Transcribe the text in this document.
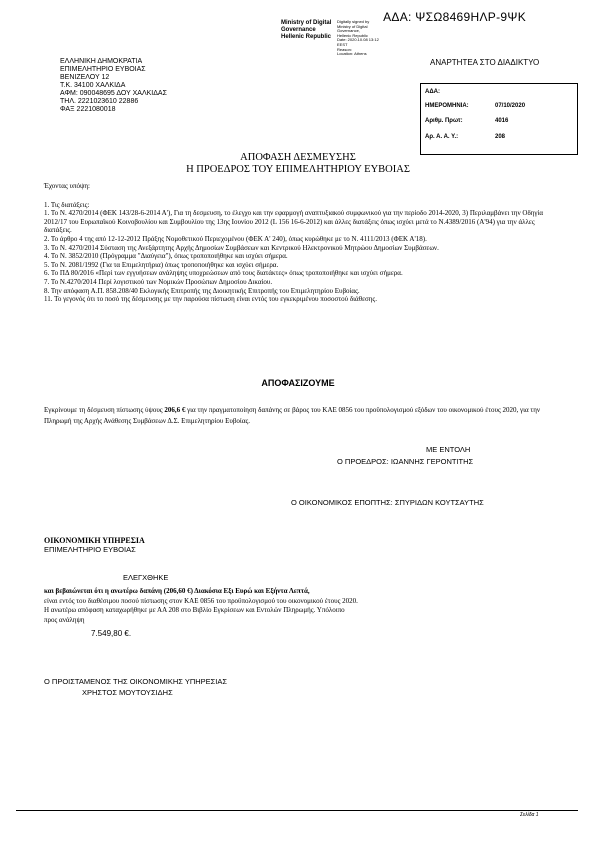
ΑΔΑ: ΨΣΩ8469ΗΛΡ-9ΨΚ
Ministry of Digital
Governance
Hellenic Republic
Digitally signed by
Ministry of Digital
Governance,
Hellenic Republic
Date: 2020.10.08 13:12
EEST
Reason:
Location: Athens
ΕΛΛΗΝΙΚΗ ΔΗΜΟΚΡΑΤΙΑ
ΕΠΙΜΕΛΗΤΗΡΙΟ ΕΥΒΟΙΑΣ
ΒΕΝΙΖΕΛΟΥ 12
Τ.Κ. 34100 ΧΑΛΚΙΔΑ
ΑΦΜ: 090048695 ΔΟΥ ΧΑΛΚΙΔΑΣ
ΤΗΛ. 2221023610 22886
ΦΑΞ 2221080018
ΑΝΑΡΤΗΤΕΑ ΣΤΟ ΔΙΑΔΙΚΤΥΟ
ΑΔΑ:
ΗΜΕΡΟΜΗΝΙΑ:	07/10/2020
Αριθμ. Πρωτ:	4016
Αρ. Α. Α. Υ.:	208
ΑΠΟΦΑΣΗ ΔΕΣΜΕΥΣΗΣ
Η ΠΡΟΕΔΡΟΣ ΤΟΥ ΕΠΙΜΕΛΗΤΗΡΙΟΥ ΕΥΒΟΙΑΣ
Έχοντας υπόψη:
1. Τις διατάξεις:
1. Το Ν. 4270/2014 (ΦΕΚ 143/28-6-2014 Α'), Για τη δεσμευση, το έλεγχο και την εφαρμογή αναπτυξιακού συμφωνικού για την περίοδο 2014-2020, 3) Περιλαμβάνει την Οδηγία 2012/17 του Ευρωπαϊκού Κοινοβουλίου και Συμβουλίου της 13ης Ιουνίου 2012 (L 156 16-6-2012) και άλλες διατάξεις όπως ισχύει μετά το Ν.4389/2016 (Α'94) για την άλλες διατάξεις.
2. Το άρθρο 4 της από 12-12-2012 Πράξης Νομοθετικού Περιεχομένου (ΦΕΚ Α' 240), όπως κυρώθηκε με το Ν. 4111/2013 (ΦΕΚ Α'18).
3. Το Ν. 4270/2014 Σύσταση της Ανεξάρτητης Αρχής Δημοσίων Συμβάσεων και Κεντρικού Ηλεκτρονικού Μητρώου Δημοσίων Συμβάσεων.
4. Το Ν. 3852/2010 (Πρόγραμμα "Διαύγεια"), όπως τροποποιήθηκε και ισχύει σήμερα.
5. Το Ν. 2081/1992 (Για τα Επιμελητήρια) όπως τροποποιήθηκε και ισχύει σήμερα.
6. Το ΠΔ 80/2016 «Περί των εγγυήσεων ανάληψης υποχρεώσεων από τους διατάκτες» όπως τροποποιήθηκε και ισχύει σήμερα.
7. Το Ν.4270/2014 Περί λογιστικού των Νομικών Προσώπων Δημοσίου Δικαίου.
8. Την απόφαση Α.Π. 858.208/40 Εκλογικής Επιτροπής της Διοικητικής Επιτροπής του Επιμελητηρίου Ευβοίας.
11. Το γεγονός ότι το ποσό της δέσμευσης με την παρούσα πίστωση είναι εντός του εγκεκριμένου ποσοστού διάθεσης.
ΑΠΟΦΑΣΙΖΟΥΜΕ
Εγκρίνουμε τη δέσμευση πίστωσης ύψους 206,6 € για την πραγματοποίηση δαπάνης σε βάρος του ΚΑΕ 0856 του προϋπολογισμού εξόδων του οικονομικού έτους 2020, για την Πληρωμή της Αρχής Ανάθεσης Συμβάσεων Δ.Σ. Επιμελητηρίου Ευβοίας.
ΜΕ ΕΝΤΟΛΗ
Ο ΠΡΟΕΔΡΟΣ: ΙΩΑΝΝΗΣ ΓΕΡΟΝΤΙΤΗΣ
Ο ΟΙΚΟΝΟΜΙΚΟΣ ΕΠΟΠΤΗΣ: ΣΠΥΡΙΔΩΝ ΚΟΥΤΣΑΥΤΗΣ
ΟΙΚΟΝΟΜΙΚΗ ΥΠΗΡΕΣΙΑ
ΕΠΙΜΕΛΗΤΗΡΙΟ ΕΥΒΟΙΑΣ
ΕΛΕΓΧΘΗΚΕ
και βεβαιώνεται ότι η ανωτέρω δαπάνη (206,60 €) Διακόσια Εξι Ευρώ και Εξήντα Λεπτά,
είναι εντός του διαθέσιμου ποσού πίστωσης στον ΚΑΕ 0856 του προϋπολογισμού του οικονομικού έτους 2020.
Η ανωτέρω απόφαση καταχωρήθηκε με ΑΑ 208 στο Βιβλίο Εγκρίσεων και Εντολών Πληρωμής. Υπόλοιπο
προς ανάληψη
7.549,80 €.
Ο ΠΡΟΙΣΤΑΜΕΝΟΣ ΤΗΣ ΟΙΚΟΝΟΜΙΚΗΣ ΥΠΗΡΕΣΙΑΣ
ΧΡΗΣΤΟΣ ΜΟΥΤΟΥΣΙΔΗΣ
Σελίδα 1
